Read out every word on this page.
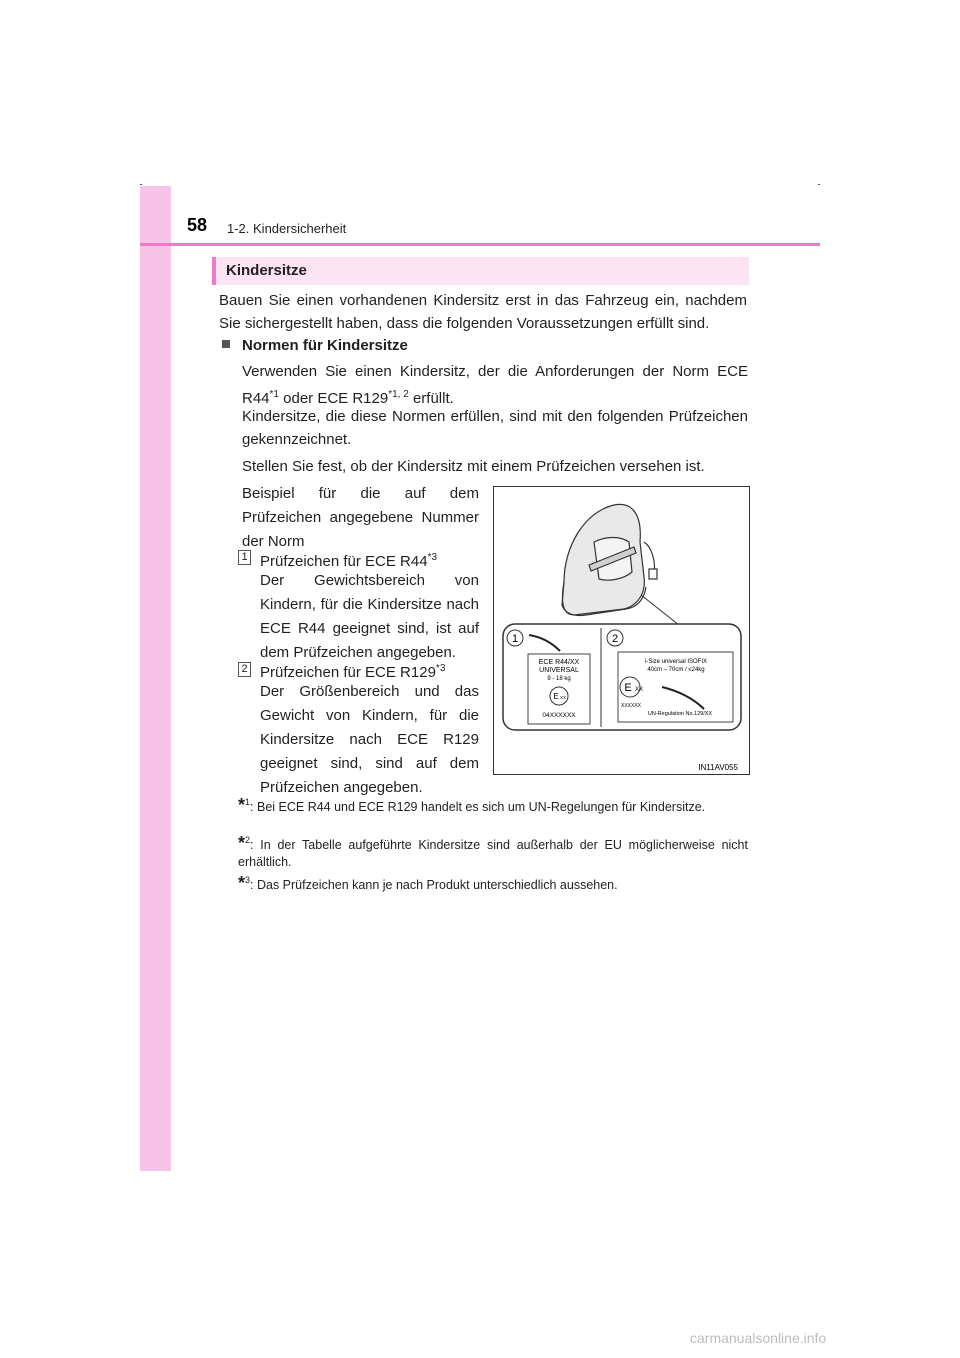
58 1-2. Kindersicherheit
Kindersitze
Bauen Sie einen vorhandenen Kindersitz erst in das Fahrzeug ein, nachdem Sie sichergestellt haben, dass die folgenden Voraussetzungen erfüllt sind.
Normen für Kindersitze
Verwenden Sie einen Kindersitz, der die Anforderungen der Norm ECE R44$^{*1}$ oder ECE R129$^{*1, 2}$ erfüllt.
Kindersitze, die diese Normen erfüllen, sind mit den folgenden Prüfzeichen gekennzeichnet.
Stellen Sie fest, ob der Kindersitz mit einem Prüfzeichen versehen ist.
Beispiel für die auf dem Prüfzeichen angegebene Nummer der Norm
1 Prüfzeichen für ECE R44$^{*3}$
Der Gewichtsbereich von Kindern, für die Kindersitze nach ECE R44 geeignet sind, ist auf dem Prüfzeichen angegeben.
2 Prüfzeichen für ECE R129$^{*3}$
Der Größenbereich und das Gewicht von Kindern, für die Kindersitze nach ECE R129 geeignet sind, sind auf dem Prüfzeichen angegeben.
1	2
ECE R44/XX
UNIVERSAL
9 - 18 kg
E XX
04XXXXXX
i-Size universal ISOFIX
40cm – 70cm / ≤24kg
E XX
XXXXXX
UN-Regulation No.129/XX
IN11AV055
*$^1$: Bei ECE R44 und ECE R129 handelt es sich um UN-Regelungen für Kindersitze.
*$^2$: In der Tabelle aufgeführte Kindersitze sind außerhalb der EU möglicherweise nicht erhältlich.
*$^3$: Das Prüfzeichen kann je nach Produkt unterschiedlich aussehen.
carmanualsonline.info
